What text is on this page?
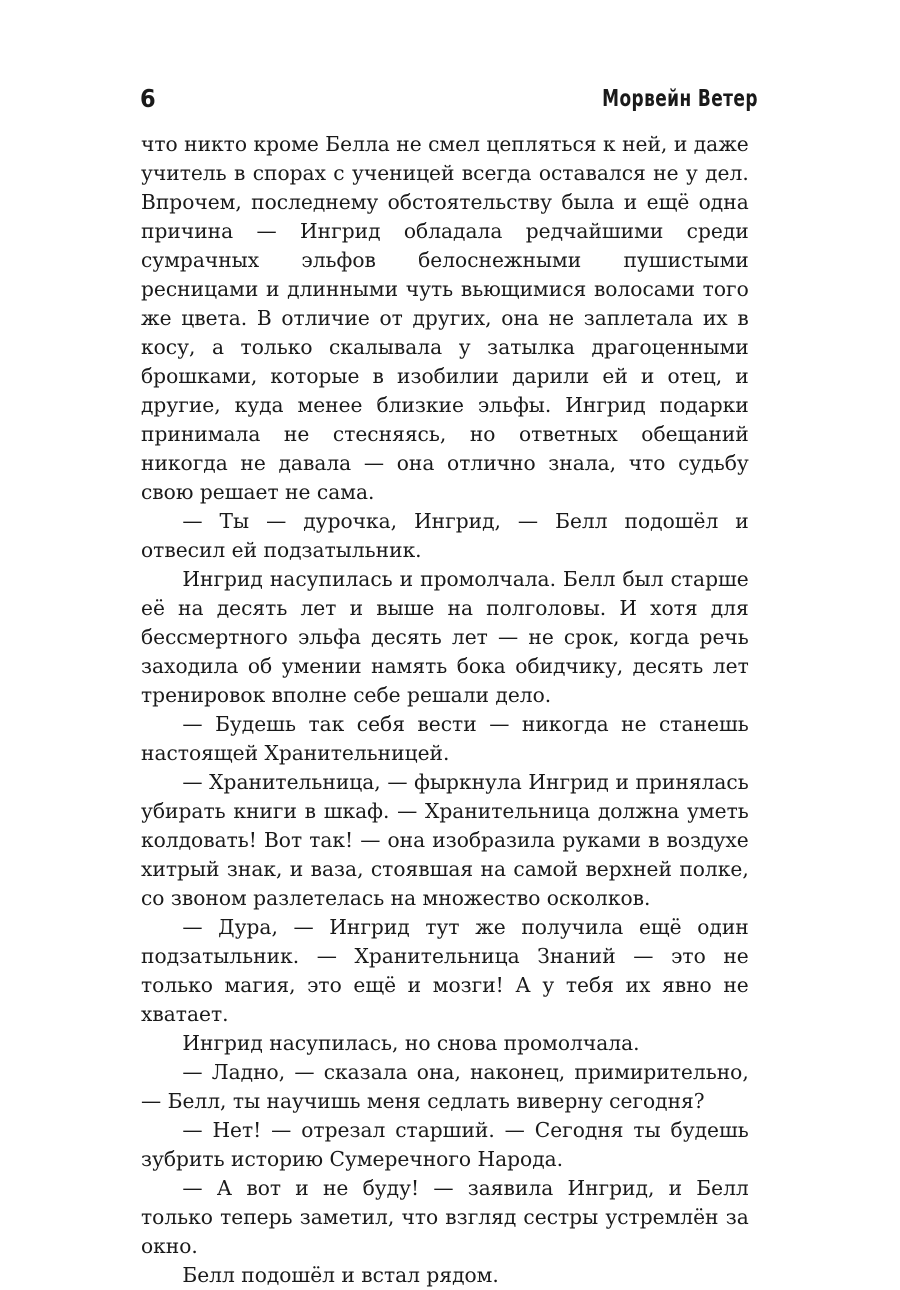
6	Морвейн Ветер

что никто кроме Белла не смел цепляться к ней, и даже учитель в спорах с ученицей всегда оставался не у дел. Впрочем, последнему обстоятельству была и ещё одна причина — Ингрид обладала редчайшими среди сумрачных эльфов белоснежными пушистыми ресницами и длинными чуть вьющимися волосами того же цвета. В отличие от других, она не заплетала их в косу, а только скалывала у затылка драгоценными брошками, которые в изобилии дарили ей и отец, и другие, куда менее близкие эльфы. Ингрид подарки принимала не стесняясь, но ответных обещаний никогда не давала — она отлично знала, что судьбу свою решает не сама.

— Ты — дурочка, Ингрид, — Белл подошёл и отвесил ей подзатыльник.

Ингрид насупилась и промолчала. Белл был старше её на десять лет и выше на полголовы. И хотя для бессмертного эльфа десять лет — не срок, когда речь заходила об умении намять бока обидчику, десять лет тренировок вполне себе решали дело.

— Будешь так себя вести — никогда не станешь настоящей Хранительницей.

— Хранительница, — фыркнула Ингрид и принялась убирать книги в шкаф. — Хранительница должна уметь колдовать! Вот так! — она изобразила руками в воздухе хитрый знак, и ваза, стоявшая на самой верхней полке, со звоном разлетелась на множество осколков.

— Дура, — Ингрид тут же получила ещё один подзатыльник. — Хранительница Знаний — это не только магия, это ещё и мозги! А у тебя их явно не хватает.

Ингрид насупилась, но снова промолчала.

— Ладно, — сказала она, наконец, примирительно, — Белл, ты научишь меня седлать виверну сегодня?

— Нет! — отрезал старший. — Сегодня ты будешь зубрить историю Сумеречного Народа.

— А вот и не буду! — заявила Ингрид, и Белл только теперь заметил, что взгляд сестры устремлён за окно.

Белл подошёл и встал рядом.
